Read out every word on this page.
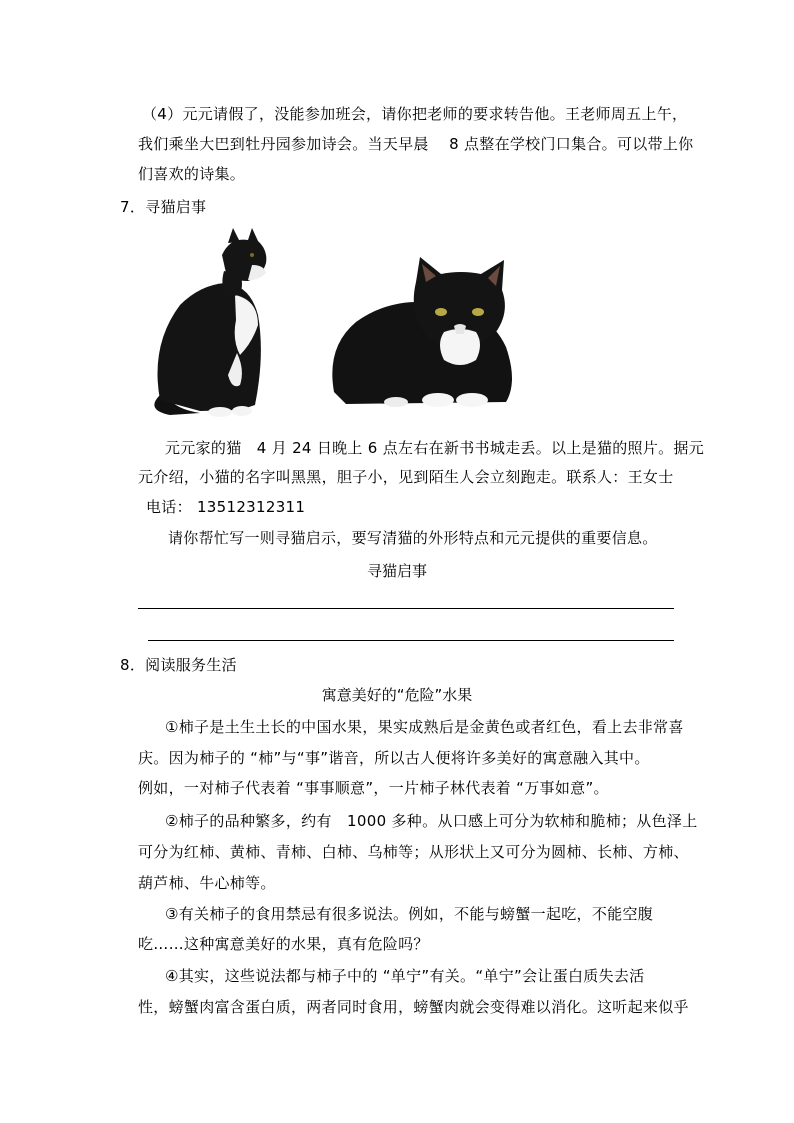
（4）元元请假了，没能参加班会，请你把老师的要求转告他。王老师周五上午，
我们乘坐大巴到牡丹园参加诗会。当天早晨　 8 点整在学校门口集合。可以带上你
们喜欢的诗集。
7．寻猫启事
元元家的猫　4 月 24 日晚上 6 点左右在新书书城走丢。以上是猫的照片。据元
元介绍，小猫的名字叫黑黑，胆子小，见到陌生人会立刻跑走。联系人：王女士
电话： 13512312311
请你帮忙写一则寻猫启示，要写清猫的外形特点和元元提供的重要信息。
寻猫启事
8．阅读服务生活
寓意美好的“危险”水果
①柿子是土生土长的中国水果，果实成熟后是金黄色或者红色，看上去非常喜
庆。因为柿子的 “柿”与“事”谐音，所以古人便将许多美好的寓意融入其中。
例如，一对柿子代表着 “事事顺意”，一片柿子林代表着 “万事如意”。
②柿子的品种繁多，约有　1000 多种。从口感上可分为软柿和脆柿；从色泽上
可分为红柿、黄柿、青柿、白柿、乌柿等；从形状上又可分为圆柿、长柿、方柿、
葫芦柿、牛心柿等。
③有关柿子的食用禁忌有很多说法。例如，不能与螃蟹一起吃，不能空腹
吃……这种寓意美好的水果，真有危险吗？
④其实，这些说法都与柿子中的 “单宁”有关。“单宁”会让蛋白质失去活
性，螃蟹肉富含蛋白质，两者同时食用，螃蟹肉就会变得难以消化。这听起来似乎
